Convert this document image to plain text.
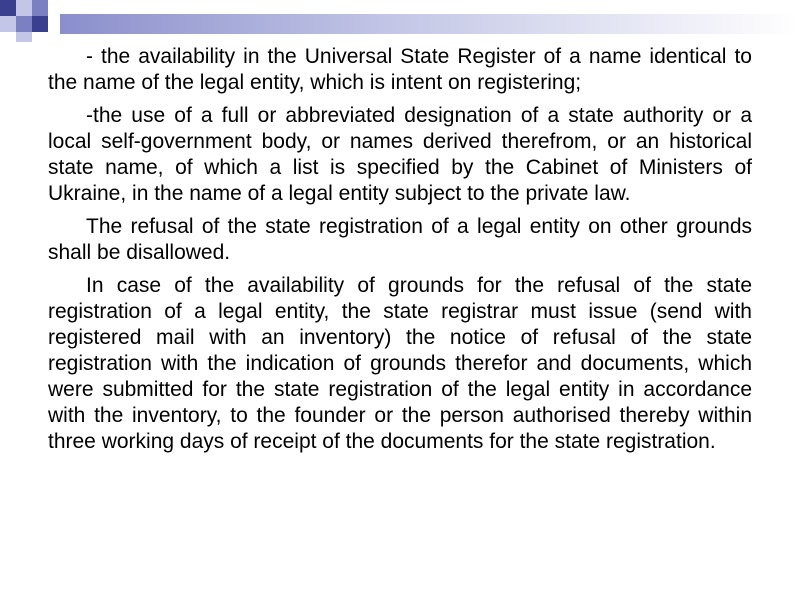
- the availability in the Universal State Register of a name identical to the name of the legal entity, which is intent on registering;

-the use of a full or abbreviated designation of a state authority or a local self-government body, or names derived therefrom, or an historical state name, of which a list is specified by the Cabinet of Ministers of Ukraine, in the name of a legal entity subject to the private law.

The refusal of the state registration of a legal entity on other grounds shall be disallowed.

In case of the availability of grounds for the refusal of the state registration of a legal entity, the state registrar must issue (send with registered mail with an inventory) the notice of refusal of the state registration with the indication of grounds therefor and documents, which were submitted for the state registration of the legal entity in accordance with the inventory, to the founder or the person authorised thereby within three working days of receipt of the documents for the state registration.
